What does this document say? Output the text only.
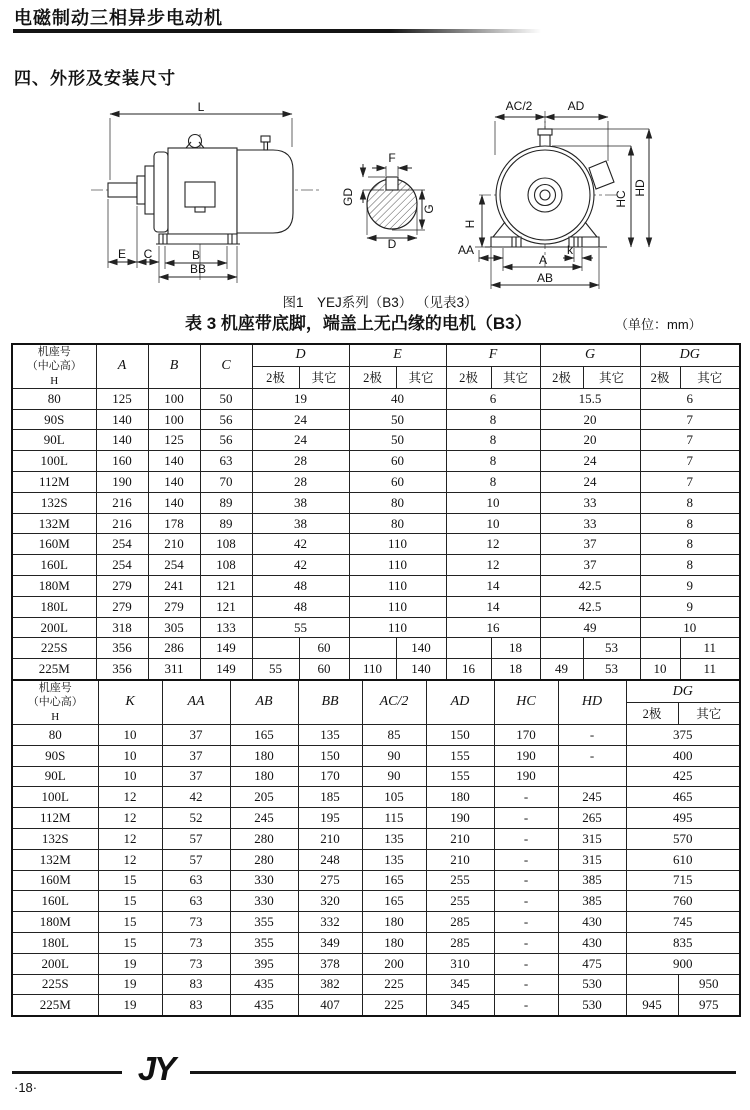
电磁制动三相异步电动机
四、外形及安装尺寸
L
E C	B
BB
F
GD
G
D
AC/2	AD
HC
HD
H
AA	k
A
AB
图1　YEJ系列（B3） （见表3）
表 3 机座带底脚，端盖上无凸缘的电机（B3）	（单位：mm）
机座号
（中心高）
H	A	B	C	D		E		F		G		DG	
				2极	其它	2极	其它	2极	其它	2极	其它	2极	其它
80	125	100	50	19		40		6		15.5		6	
90S	140	100	56	24		50		8		20		7	
90L	140	125	56	24		50		8		20		7	
100L	160	140	63	28		60		8		24		7	
112M	190	140	70	28		60		8		24		7	
132S	216	140	89	38		80		10		33		8	
132M	216	178	89	38		80		10		33		8	
160M	254	210	108	42		110		12		37		8	
160L	254	254	108	42		110		12		37		8	
180M	279	241	121	48		110		14		42.5		9	
180L	279	279	121	48		110		14		42.5		9	
200L	318	305	133	55		110		16		49		10	
225S	356	286	149		60		140		18		53		11
225M	356	311	149	55	60	110	140	16	18	49	53	10	11
机座号
（中心高）
H	K	AA	AB	BB	AC/2	AD	HC	HD	DG	
									2极	其它
80	10	37	165	135	85	150	170	-	375	
90S	10	37	180	150	90	155	190	-	400	
90L	10	37	180	170	90	155	190		425	
100L	12	42	205	185	105	180	-	245	465	
112M	12	52	245	195	115	190	-	265	495	
132S	12	57	280	210	135	210	-	315	570	
132M	12	57	280	248	135	210	-	315	610	
160M	15	63	330	275	165	255	-	385	715	
160L	15	63	330	320	165	255	-	385	760	
180M	15	73	355	332	180	285	-	430	745	
180L	15	73	355	349	180	285	-	430	835	
200L	19	73	395	378	200	310	-	475	900	
225S	19	83	435	382	225	345	-	530		950
225M	19	83	435	407	225	345	-	530	945	975
JY
·18·
